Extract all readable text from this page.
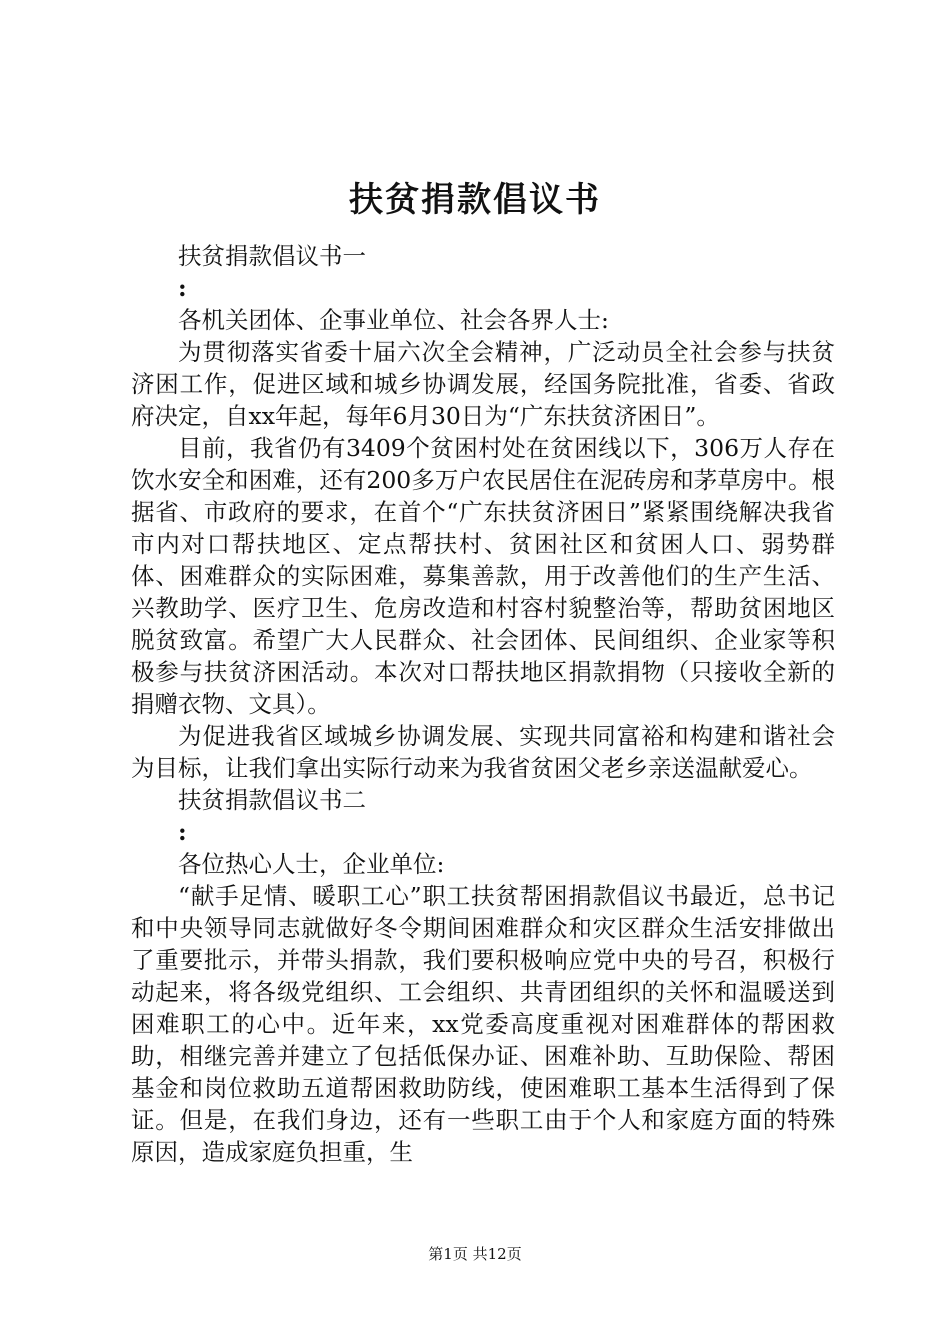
扶贫捐款倡议书

扶贫捐款倡议书一

:

各机关团体、企事业单位、社会各界人士:

为贯彻落实省委十届六次全会精神，广泛动员全社会参与扶贫济困工作，促进区域和城乡协调发展，经国务院批准，省委、省政府决定，自xx年起，每年6月30日为“广东扶贫济困日”。

目前，我省仍有3409个贫困村处在贫困线以下，306万人存在饮水安全和困难，还有200多万户农民居住在泥砖房和茅草房中。根据省、市政府的要求，在首个“广东扶贫济困日”紧紧围绕解决我省市内对口帮扶地区、定点帮扶村、贫困社区和贫困人口、弱势群体、困难群众的实际困难，募集善款，用于改善他们的生产生活、兴教助学、医疗卫生、危房改造和村容村貌整治等，帮助贫困地区脱贫致富。希望广大人民群众、社会团体、民间组织、企业家等积极参与扶贫济困活动。本次对口帮扶地区捐款捐物（只接收全新的捐赠衣物、文具）。

为促进我省区域城乡协调发展、实现共同富裕和构建和谐社会为目标，让我们拿出实际行动来为我省贫困父老乡亲送温献爱心。

扶贫捐款倡议书二

:

各位热心人士，企业单位:

“献手足情、暖职工心”职工扶贫帮困捐款倡议书最近，总书记和中央领导同志就做好冬令期间困难群众和灾区群众生活安排做出了重要批示，并带头捐款，我们要积极响应党中央的号召，积极行动起来，将各级党组织、工会组织、共青团组织的关怀和温暖送到困难职工的心中。近年来，xx党委高度重视对困难群体的帮困救助，相继完善并建立了包括低保办证、困难补助、互助保险、帮困基金和岗位救助五道帮困救助防线，使困难职工基本生活得到了保证。但是，在我们身边，还有一些职工由于个人和家庭方面的特殊原因，造成家庭负担重，生

第1页 共12页
